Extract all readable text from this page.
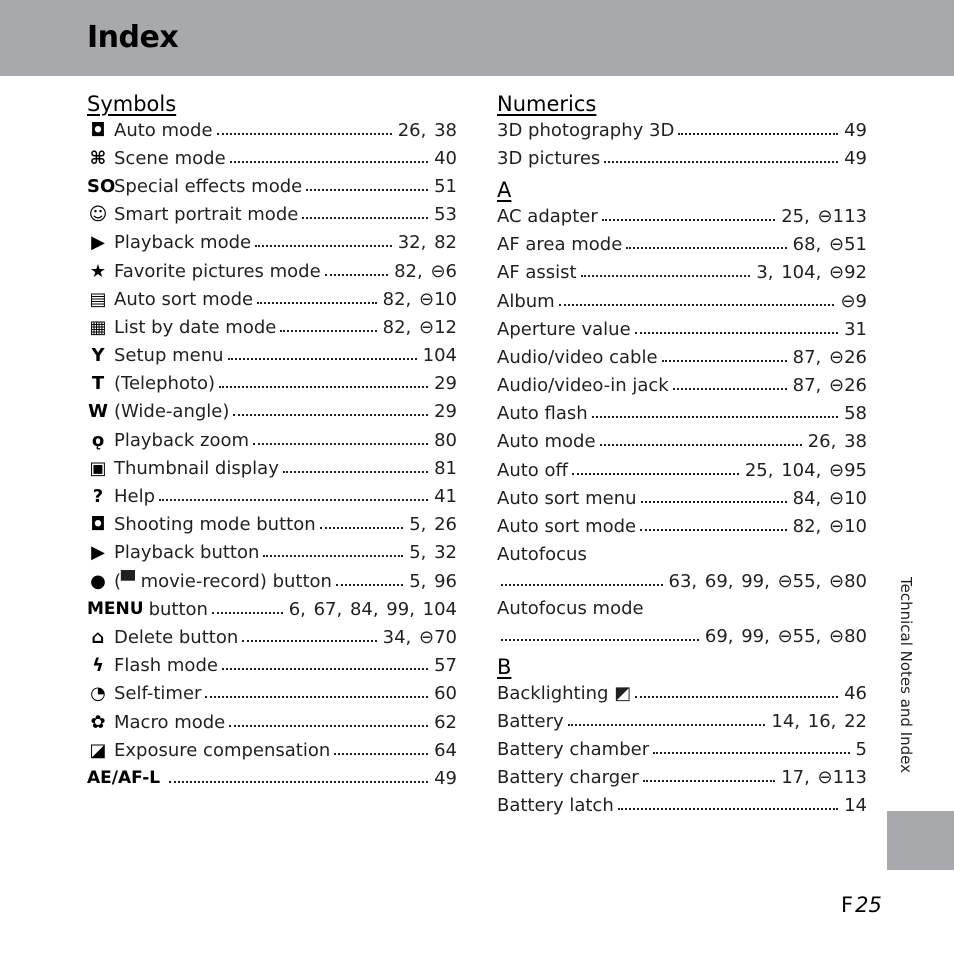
Index
Symbols
◘ Auto mode	26, 38
⌘ Scene mode	40
SO
Special effects mode	51
☺ Smart portrait mode	53
▶ Playback mode	32, 82
★ Favorite pictures mode	82, ⊖6
▤ Auto sort mode	82, ⊖10
▦ List by date mode	82, ⊖12
Y Setup menu	104
T (Telephoto)	29
W (Wide-angle)	29
ǫ Playback zoom	80
▣ Thumbnail display	81
? Help	41
◘ Shooting mode button	5, 26
▶ Playback button	5, 32
● (▀ movie-record) button	5, 96
MENU button	6, 67, 84, 99, 104
⌂ Delete button	34, ⊖70
ϟ Flash mode	57
◔ Self-timer	60
✿ Macro mode	62
◪ Exposure compensation	64
AE/AF-L	49
Numerics
3D photography 3D	49
3D pictures	49
A
AC adapter	25, ⊖113
AF area mode	68, ⊖51
AF assist	3, 104, ⊖92
Album	⊖9
Aperture value	31
Audio/video cable	87, ⊖26
Audio/video-in jack	87, ⊖26
Auto flash	58
Auto mode	26, 38
Auto off	25, 104, ⊖95
Auto sort menu	84, ⊖10
Auto sort mode	82, ⊖10
Autofocus
63, 69, 99, ⊖55, ⊖80
Autofocus mode
69, 99, ⊖55, ⊖80
B
Backlighting ◩	46
Battery	14, 16, 22
Battery chamber	5
Battery charger	17, ⊖113
Battery latch	14
Technical Notes and Index
F25
